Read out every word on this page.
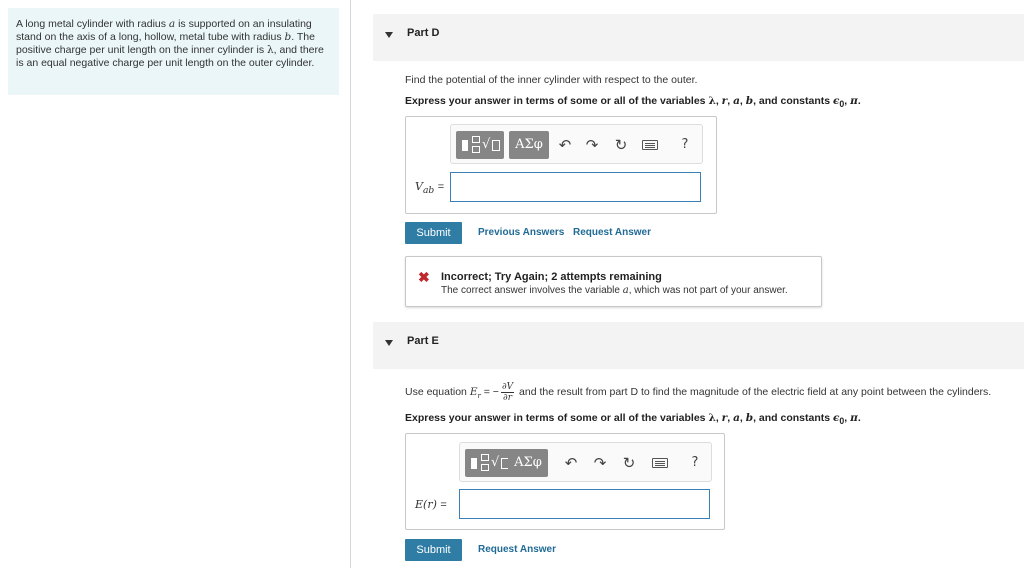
A long metal cylinder with radius a is supported on an insulating stand on the axis of a long, hollow, metal tube with radius b. The positive charge per unit length on the inner cylinder is λ, and there is an equal negative charge per unit length on the outer cylinder.
Part D
Find the potential of the inner cylinder with respect to the outer.
Express your answer in terms of some or all of the variables λ, r, a, b, and constants $\epsilon_0$, π.
√	ΑΣφ	↶ ↷ ↻	?
$V_{ab}$ =
Submit	Previous Answers Request Answer
✖ Incorrect; Try Again; 2 attempts remaining
The correct answer involves the variable a, which was not part of your answer.
Part E
Use equation $E_r$ = − $\frac{\partial V}{\partial r}$ and the result from part D to find the magnitude of the electric field at any point between the cylinders.
Express your answer in terms of some or all of the variables λ, r, a, b, and constants $\epsilon_0$, π.
√	ΑΣφ	↶ ↷ ↻	?
E(r) =
Submit	Request Answer
